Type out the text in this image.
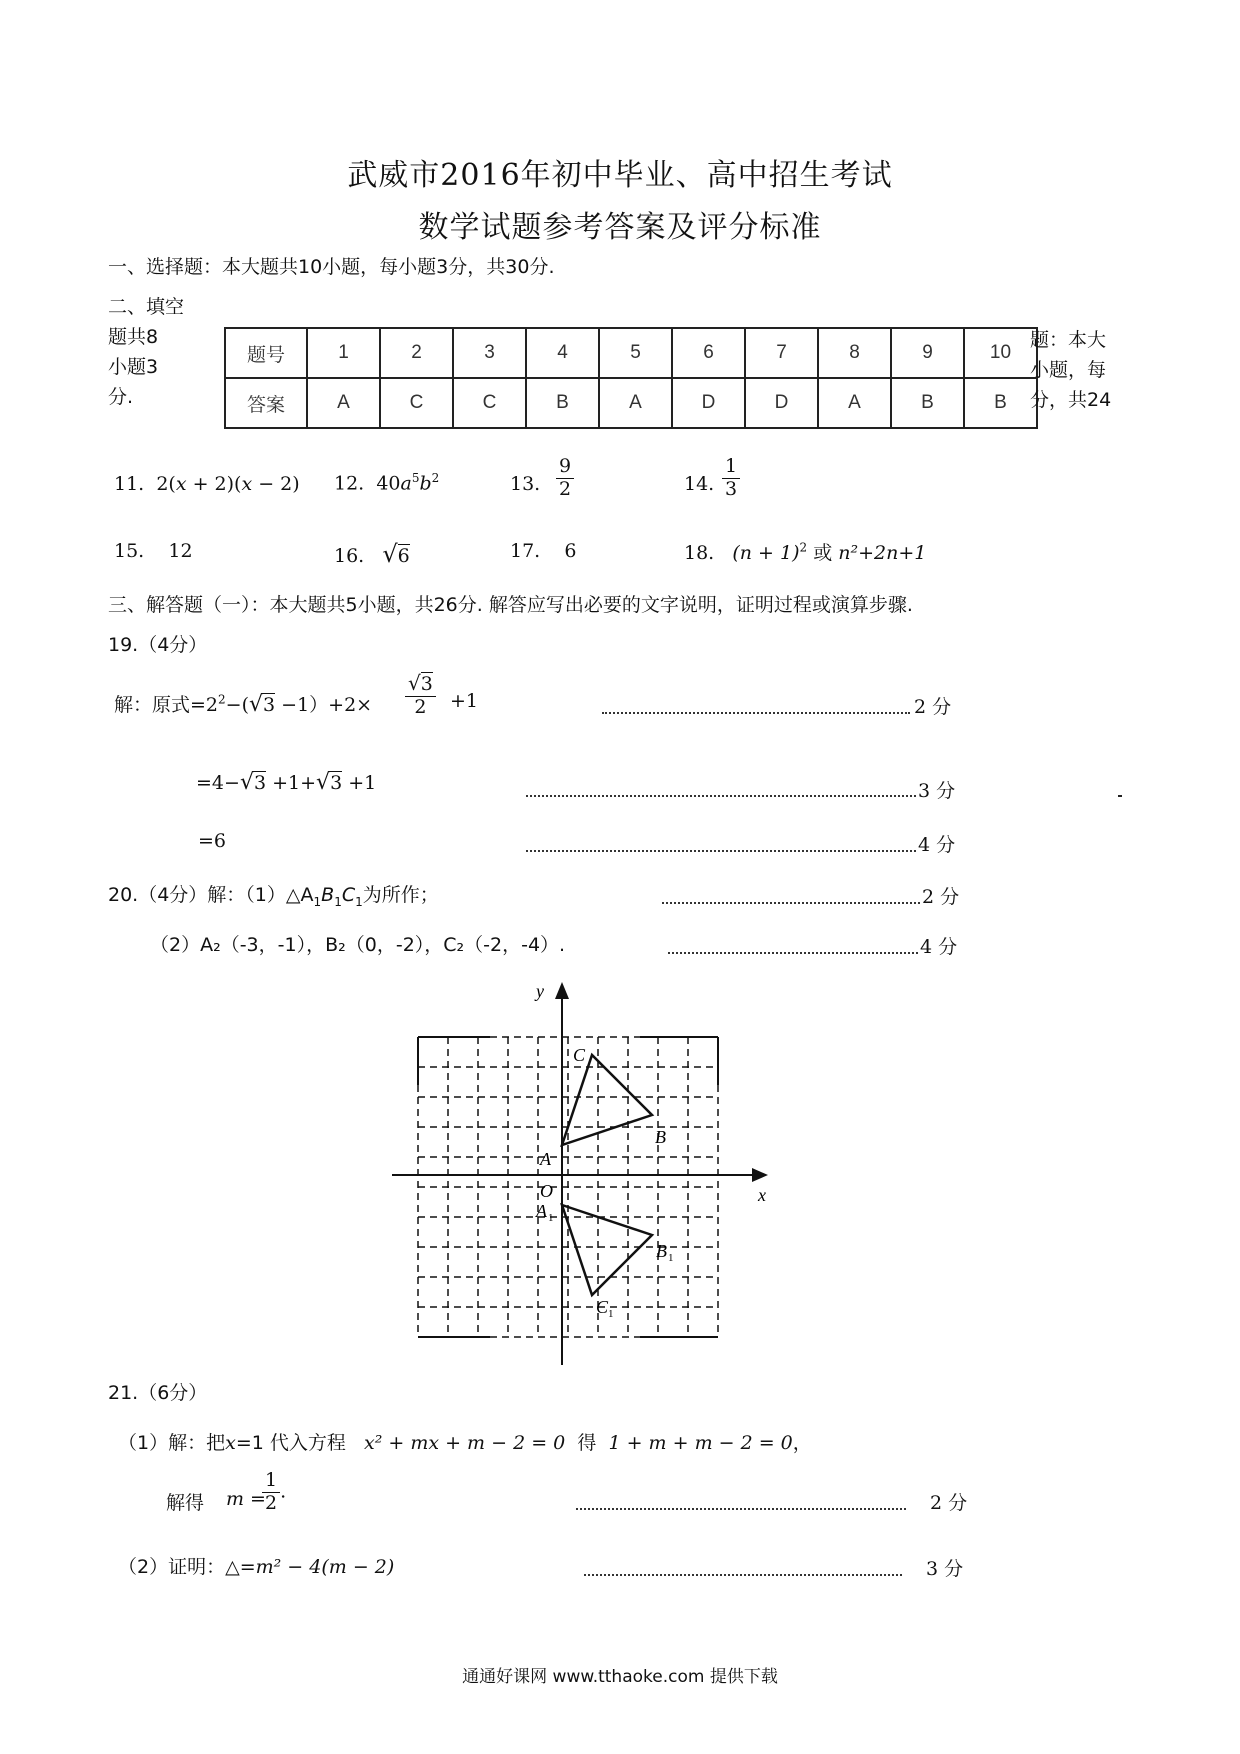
武威市2016年初中毕业、高中招生考试
数学试题参考答案及评分标准
一、选择题：本大题共10小题，每小题3分，共30分.
二、填空
题共8
小题3
分.
题号	1	2	3	4	5	6	7	8	9	10
答案	A	C	C	B	A	D	D	A	B	B
题：本大
小题，每
分，共24
11. 2(x + 2)(x − 2) 12. $40a^5b^2$	13. $\frac{9}{2}$	14. $\frac{1}{3}$
15. 12	16. √6	17. 6	18. $(n + 1)^2$ 或 n²+2n+1
三、解答题（一）：本大题共5小题，共26分. 解答应写出必要的文字说明，证明过程或演算步骤.
19.（4分）
解：原式$=2^2-(√3 -1)+2\times \frac{√3}{2} +1$	2 分
=4−√3 +1+√3 +1	3 分
=6	4 分
20.（4分）解：$(1)\triangle A_1B_1C_1$为所作；	2 分
（2）A₂（-3，-1），B₂（0，-2），C₂（-2，-4）.	4 分
y
x
O
A
B
C
A 1
B 1
C 1
21.（6分）
（1）解：把x=1 代入方程 x² + mx + m − 2 = 0 得 1 + m + m − 2 = 0，
解得 m =
$\frac{1}{2}$ .
2 分
（2）证明：△=m² − 4(m − 2)	3 分
通通好课网 www.tthaoke.com 提供下载
